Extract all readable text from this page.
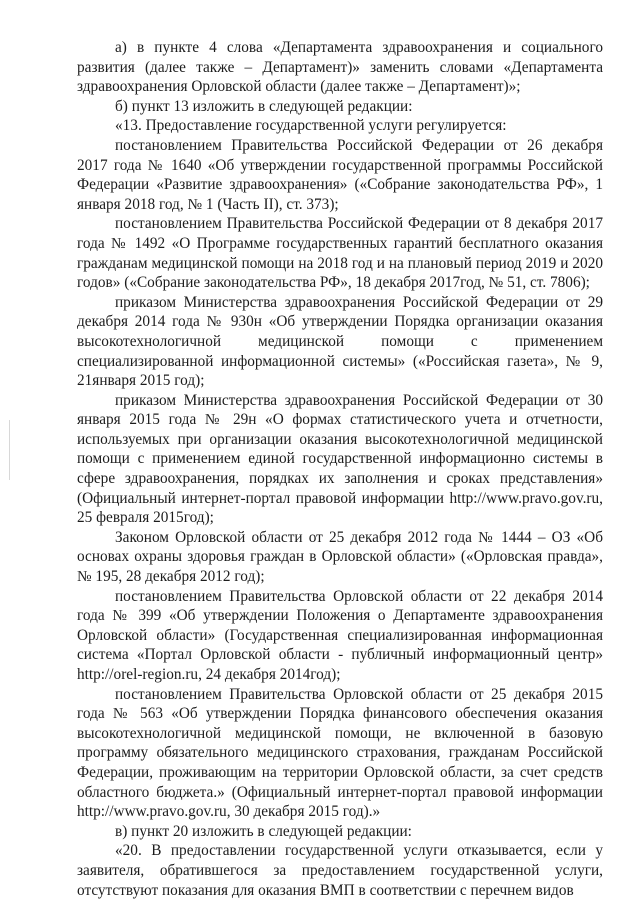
а) в пункте 4 слова «Департамента здравоохранения и социального развития (далее также – Департамент)» заменить словами «Департамента здравоохранения Орловской области (далее также – Департамент)»;

б) пункт 13 изложить в следующей редакции:

«13. Предоставление государственной услуги регулируется:

постановлением Правительства Российской Федерации от 26 декабря 2017 года № 1640 «Об утверждении государственной программы Российской Федерации «Развитие здравоохранения» («Собрание законодательства РФ», 1 января 2018 год, № 1 (Часть II), ст. 373);

постановлением Правительства Российской Федерации от 8 декабря 2017 года № 1492 «О Программе государственных гарантий бесплатного оказания гражданам медицинской помощи на 2018 год и на плановый период 2019 и 2020 годов» («Собрание законодательства РФ», 18 декабря 2017год, № 51, ст. 7806);

приказом Министерства здравоохранения Российской Федерации от 29 декабря 2014 года № 930н «Об утверждении Порядка организации оказания высокотехнологичной медицинской помощи с применением специализированной информационной системы» («Российская газета», № 9, 21января 2015 год);

приказом Министерства здравоохранения Российской Федерации от 30 января 2015 года № 29н «О формах статистического учета и отчетности, используемых при организации оказания высокотехнологичной медицинской помощи с применением единой государственной информационно системы в сфере здравоохранения, порядках их заполнения и сроках представления» (Официальный интернет-портал правовой информации http://www.pravo.gov.ru, 25 февраля 2015год);

Законом Орловской области от 25 декабря 2012 года № 1444 – ОЗ «Об основах охраны здоровья граждан в Орловской области» («Орловская правда», № 195, 28 декабря 2012 год);

постановлением Правительства Орловской области от 22 декабря 2014 года № 399 «Об утверждении Положения о Департаменте здравоохранения Орловской области» (Государственная специализированная информационная система «Портал Орловской области - публичный информационный центр» http://orel-region.ru, 24 декабря 2014год);

постановлением Правительства Орловской области от 25 декабря 2015 года № 563 «Об утверждении Порядка финансового обеспечения оказания высокотехнологичной медицинской помощи, не включенной в базовую программу обязательного медицинского страхования, гражданам Российской Федерации, проживающим на территории Орловской области, за счет средств областного бюджета.» (Официальный интернет-портал правовой информации http://www.pravo.gov.ru, 30 декабря 2015 год).»

в) пункт 20 изложить в следующей редакции:

«20. В предоставлении государственной услуги отказывается, если у заявителя, обратившегося за предоставлением государственной услуги, отсутствуют показания для оказания ВМП в соответствии с перечнем видов
